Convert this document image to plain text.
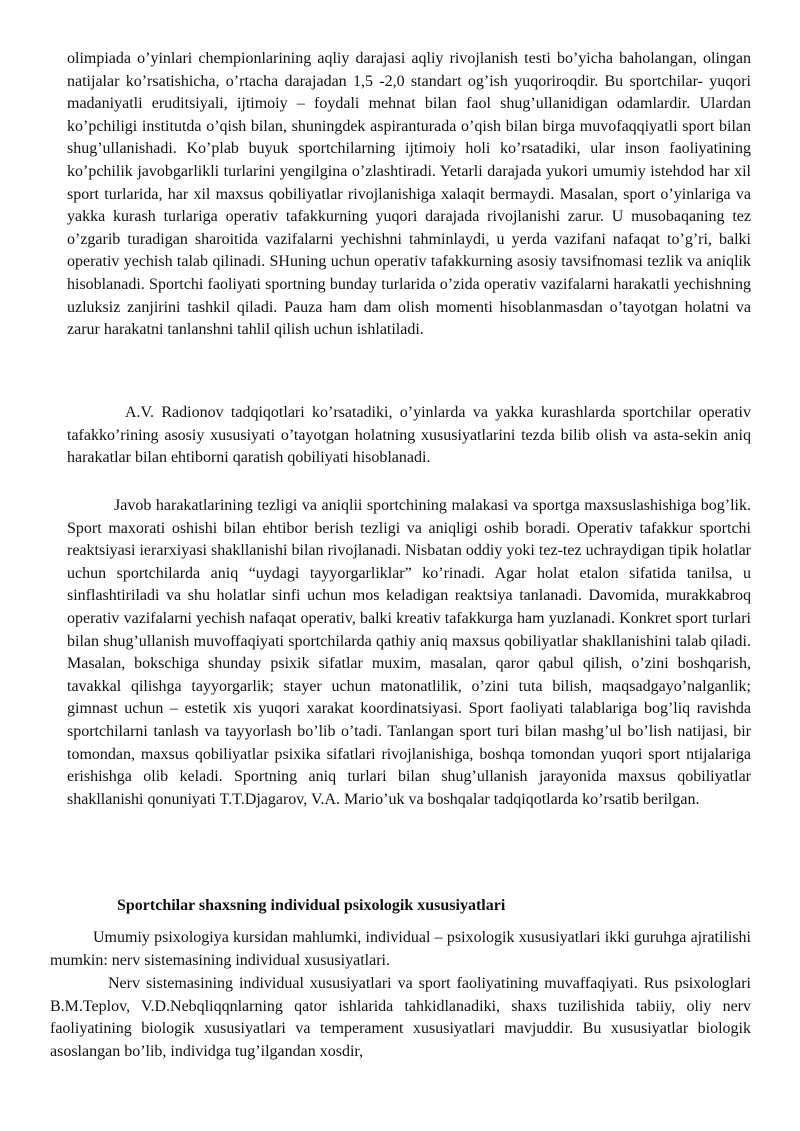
olimpiada o’yinlari chempionlarining aqliy darajasi aqliy rivojlanish testi bo’yicha baholangan, olingan natijalar ko’rsatishicha, o’rtacha darajadan 1,5 -2,0 standart og’ish yuqoriroqdir. Bu sportchilar- yuqori madaniyatli eruditsiyali, ijtimoiy – foydali mehnat bilan faol shug’ullanidigan odamlardir. Ulardan ko’pchiligi institutda o’qish bilan, shuningdek aspiranturada o’qish bilan birga muvofaqqiyatli sport bilan shug’ullanishadi. Ko’plab buyuk sportchilarning ijtimoiy holi ko’rsatadiki, ular inson faoliyatining ko’pchilik javobgarlikli turlarini yengilgina o’zlashtiradi. Yetarli darajada yukori umumiy istehdod har xil sport turlarida, har xil maxsus qobiliyatlar rivojlanishiga xalaqit bermaydi. Masalan, sport o’yinlariga va yakka kurash turlariga operativ tafakkurning yuqori darajada rivojlanishi zarur. U musobaqaning tez o’zgarib turadigan sharoitida vazifalarni yechishni tahminlaydi, u yerda vazifani nafaqat to’g’ri, balki operativ yechish talab qilinadi. SHuning uchun operativ tafakkurning asosiy tavsifnomasi tezlik va aniqlik hisoblanadi. Sportchi faoliyati sportning bunday turlarida o’zida operativ vazifalarni harakatli yechishning uzluksiz zanjirini tashkil qiladi. Pauza ham dam olish momenti hisoblanmasdan o’tayotgan holatni va zarur harakatni tanlanshni tahlil qilish uchun ishlatiladi.

A.V. Radionov tadqiqotlari ko’rsatadiki, o’yinlarda va yakka kurashlarda sportchilar operativ tafakko’rining asosiy xususiyati o’tayotgan holatning xususiyatlarini tezda bilib olish va asta-sekin aniq harakatlar bilan ehtiborni qaratish qobiliyati hisoblanadi.

Javob harakatlarining tezligi va aniqlii sportchining malakasi va sportga maxsuslashishiga bog’lik. Sport maxorati oshishi bilan ehtibor berish tezligi va aniqligi oshib boradi. Operativ tafakkur sportchi reaktsiyasi ierarxiyasi shakllanishi bilan rivojlanadi. Nisbatan oddiy yoki tez-tez uchraydigan tipik holatlar uchun sportchilarda aniq “uydagi tayyorgarliklar” ko’rinadi. Agar holat etalon sifatida tanilsa, u sinflashtiriladi va shu holatlar sinfi uchun mos keladigan reaktsiya tanlanadi. Davomida, murakkabroq operativ vazifalarni yechish nafaqat operativ, balki kreativ tafakkurga ham yuzlanadi. Konkret sport turlari bilan shug’ullanish muvoffaqiyati sportchilarda qathiy aniq maxsus qobiliyatlar shakllanishini talab qiladi. Masalan, bokschiga shunday psixik sifatlar muxim, masalan, qaror qabul qilish, o’zini boshqarish, tavakkal qilishga tayyorgarlik; stayer uchun matonatlilik, o’zini tuta bilish, maqsadgayo’nalganlik; gimnast uchun – estetik xis yuqori xarakat koordinatsiyasi. Sport faoliyati talablariga bog’liq ravishda sportchilarni tanlash va tayyorlash bo’lib o’tadi. Tanlangan sport turi bilan mashg’ul bo’lish natijasi, bir tomondan, maxsus qobiliyatlar psixika sifatlari rivojlanishiga, boshqa tomondan yuqori sport ntijalariga erishishga olib keladi. Sportning aniq turlari bilan shug’ullanish jarayonida maxsus qobiliyatlar shakllanishi qonuniyati T.T.Djagarov, V.A. Mario’uk va boshqalar tadqiqotlarda ko’rsatib berilgan.

Sportchilar shaxsning individual psixologik xususiyatlari

Umumiy psixologiya kursidan mahlumki, individual – psixologik xususiyatlari ikki guruhga ajratilishi mumkin: nerv sistemasining individual xususiyatlari.

Nerv sistemasining individual xususiyatlari va sport faoliyatining muvaffaqiyati. Rus psixologlari B.M.Teplov, V.D.Nebqliqqnlarning qator ishlarida tahkidlanadiki, shaxs tuzilishida tabiiy, oliy nerv faoliyatining biologik xususiyatlari va temperament xususiyatlari mavjuddir. Bu xususiyatlar biologik asoslangan bo’lib, individga tug’ilgandan xosdir,
